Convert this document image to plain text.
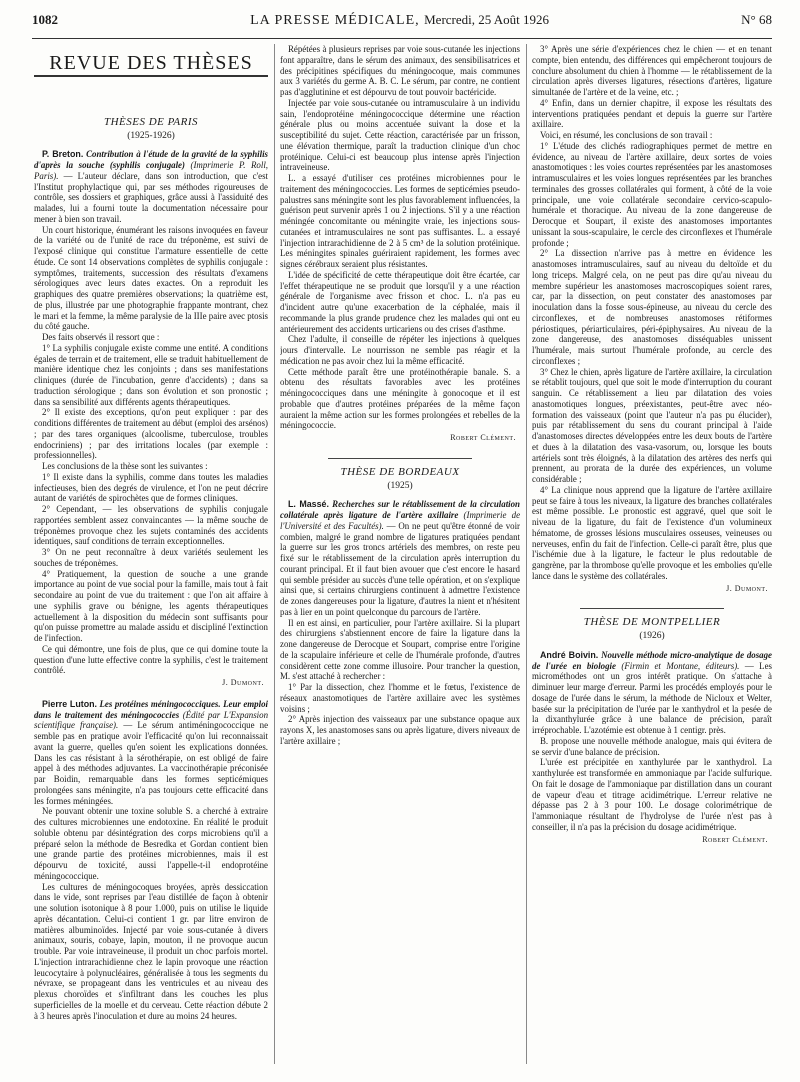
1082	LA PRESSE MÉDICALE, Mercredi, 25 Août 1926	N° 68
REVUE DES THÈSES
THÈSES DE PARIS
(1925-1926)

P. Breton. Contribution à l'étude de la gravité de la syphilis d'après la souche (syphilis conjugale) (Imprimerie P. Roll, Paris). — L'auteur déclare, dans son introduction, que c'est l'Institut prophylactique qui, par ses méthodes rigoureuses de contrôle, ses dossiers et graphiques, grâce aussi à l'assiduité des malades, lui a fourni toute la documentation nécessaire pour mener à bien son travail.

Un court historique, énumérant les raisons invoquées en faveur de la variété ou de l'unité de race du tréponème, est suivi de l'exposé clinique qui constitue l'armature essentielle de cette étude. Ce sont 14 observations complètes de syphilis conjugale : symptômes, traitements, succession des résultats d'examens sérologiques avec leurs dates exactes. On a reproduit les graphiques des quatre premières observations; la quatrième est, de plus, illustrée par une photographie frappante montrant, chez le mari et la femme, la même paralysie de la IIIe paire avec ptosis du côté gauche.

Des faits observés il ressort que :

1° La syphilis conjugale existe comme une entité. A conditions égales de terrain et de traitement, elle se traduit habituellement de manière identique chez les conjoints ; dans ses manifestations cliniques (durée de l'incubation, genre d'accidents) ; dans sa traduction sérologique ; dans son évolution et son pronostic ; dans sa sensibilité aux différents agents thérapeutiques.

2° Il existe des exceptions, qu'on peut expliquer : par des conditions différentes de traitement au début (emploi des arsénos) ; par des tares organiques (alcoolisme, tuberculose, troubles endocriniens) ; par des irritations locales (par exemple : professionnelles).

Les conclusions de la thèse sont les suivantes :

1° Il existe dans la syphilis, comme dans toutes les maladies infectieuses, bien des degrés de virulence, et l'on ne peut décrire autant de variétés de spirochètes que de formes cliniques.

2° Cependant, — les observations de syphilis conjugale rapportées semblent assez convaincantes — la même souche de tréponèmes provoque chez les sujets contaminés des accidents identiques, sauf conditions de terrain exceptionnelles.

3° On ne peut reconnaître à deux variétés seulement les souches de tréponèmes.

4° Pratiquement, la question de souche a une grande importance au point de vue social pour la famille, mais tout à fait secondaire au point de vue du traitement : que l'on ait affaire à une syphilis grave ou bénigne, les agents thérapeutiques actuellement à la disposition du médecin sont suffisants pour qu'on puisse promettre au malade assidu et discipliné l'extinction de l'infection.

Ce qui démontre, une fois de plus, que ce qui domine toute la question d'une lutte effective contre la syphilis, c'est le traitement contrôlé.

J. Dumont.

Pierre Luton. Les protéines méningococciques. Leur emploi dans le traitement des méningococcies (Édité par L'Expansion scientifique française). — Le sérum antiméningococcique ne semble pas en pratique avoir l'efficacité qu'on lui reconnaissait avant la guerre, quelles qu'en soient les explications données. Dans les cas résistant à la sérothérapie, on est obligé de faire appel à des méthodes adjuvantes. La vaccinothérapie préconisée par Boidin, remarquable dans les formes septicémiques prolongées sans méningite, n'a pas toujours cette efficacité dans les formes méningées.

Ne pouvant obtenir une toxine soluble S. a cherché à extraire des cultures microbiennes une endotoxine. En réalité le produit soluble obtenu par désintégration des corps microbiens qu'il a préparé selon la méthode de Besredka et Gordan contient bien une grande partie des protéines microbiennes, mais il est dépourvu de toxicité, aussi l'appelle-t-il endoprotéine méningococcique.

Les cultures de méningocoques broyées, après dessiccation dans le vide, sont reprises par l'eau distillée de façon à obtenir une solution isotonique à 8 pour 1.000, puis on utilise le liquide après décantation. Celui-ci contient 1 gr. par litre environ de matières albuminoïdes. Injecté par voie sous-cutanée à divers animaux, souris, cobaye, lapin, mouton, il ne provoque aucun trouble. Par voie intraveineuse, il produit un choc parfois mortel. L'injection intrarachidienne chez le lapin provoque une réaction leucocytaire à polynucléaires, généralisée à tous les segments du névraxe, se propageant dans les ventricules et au niveau des plexus choroïdes et s'infiltrant dans les couches les plus superficielles de la moelle et du cerveau. Cette réaction débute 2 à 3 heures après l'inoculation et dure au moins 24 heures.

Répétées à plusieurs reprises par voie sous-cutanée les injections font apparaître, dans le sérum des animaux, des sensibilisatrices et des précipitines spécifiques du méningocoque, mais communes aux 3 variétés du germe A. B. C. Le sérum, par contre, ne contient pas d'agglutinine et est dépourvu de tout pouvoir bactéricide.

Injectée par voie sous-cutanée ou intramusculaire à un individu sain, l'endoprotéine méningococcique détermine une réaction générale plus ou moins accentuée suivant la dose et la susceptibilité du sujet. Cette réaction, caractérisée par un frisson, une élévation thermique, paraît la traduction clinique d'un choc protéinique. Celui-ci est beaucoup plus intense après l'injection intraveineuse.

L. a essayé d'utiliser ces protéines microbiennes pour le traitement des méningococcies. Les formes de septicémies pseudo-palustres sans méningite sont les plus favorablement influencées, la guérison peut survenir après 1 ou 2 injections. S'il y a une réaction méningée concomitante ou méningite vraie, les injections sous-cutanées et intramusculaires ne sont pas suffisantes. L. a essayé l'injection intrarachidienne de 2 à 5 cm³ de la solution protéinique. Les méningites spinales guériraient rapidement, les formes avec signes cérébraux seraient plus résistantes.

L'idée de spécificité de cette thérapeutique doit être écartée, car l'effet thérapeutique ne se produit que lorsqu'il y a une réaction générale de l'organisme avec frisson et choc. L. n'a pas eu d'incident autre qu'une exacerbation de la céphalée, mais il recommande la plus grande prudence chez les malades qui ont eu antérieurement des accidents urticariens ou des crises d'asthme.

Chez l'adulte, il conseille de répéter les injections à quelques jours d'intervalle. Le nourrisson ne semble pas réagir et la médication ne pas avoir chez lui la même efficacité.

Cette méthode paraît être une protéinothérapie banale. S. a obtenu des résultats favorables avec les protéines méningococciques dans une méningite à gonocoque et il est probable que d'autres protéines préparées de la même façon auraient la même action sur les formes prolongées et rebelles de la méningococcie.

Robert Clément.
THÈSE DE BORDEAUX
(1925)

L. Massé. Recherches sur le rétablissement de la circulation collatérale après ligature de l'artère axillaire (Imprimerie de l'Université et des Facultés). — On ne peut qu'être étonné de voir combien, malgré le grand nombre de ligatures pratiquées pendant la guerre sur les gros troncs artériels des membres, on reste peu fixé sur le rétablissement de la circulation après interruption du courant principal. Et il faut bien avouer que c'est encore le hasard qui semble présider au succès d'une telle opération, et on s'explique ainsi que, si certains chirurgiens continuent à admettre l'existence de zones dangereuses pour la ligature, d'autres la nient et n'hésitent pas à lier en un point quelconque du parcours de l'artère.

Il en est ainsi, en particulier, pour l'artère axillaire. Si la plupart des chirurgiens s'abstiennent encore de faire la ligature dans la zone dangereuse de Derocque et Soupart, comprise entre l'origine de la scapulaire inférieure et celle de l'humérale profonde, d'autres considèrent cette zone comme illusoire. Pour trancher la question, M. s'est attaché à rechercher :

1° Par la dissection, chez l'homme et le fœtus, l'existence de réseaux anastomotiques de l'artère axillaire avec les systèmes voisins ;

2° Après injection des vaisseaux par une substance opaque aux rayons X, les anastomoses sans ou après ligature, divers niveaux de l'artère axillaire ;

3° Après une série d'expériences chez le chien — et en tenant compte, bien entendu, des différences qui empêcheront toujours de conclure absolument du chien à l'homme — le rétablissement de la circulation après diverses ligatures, résections d'artères, ligature simultanée de l'artère et de la veine, etc. ;

4° Enfin, dans un dernier chapitre, il expose les résultats des interventions pratiquées pendant et depuis la guerre sur l'artère axillaire.

Voici, en résumé, les conclusions de son travail :

1° L'étude des clichés radiographiques permet de mettre en évidence, au niveau de l'artère axillaire, deux sortes de voies anastomotiques : les voies courtes représentées par les anastomoses intramusculaires et les voies longues représentées par les branches terminales des grosses collatérales qui forment, à côté de la voie principale, une voie collatérale secondaire cervico-scapulo-humérale et thoracique. Au niveau de la zone dangereuse de Derocque et Soupart, il existe des anastomoses importantes unissant la sous-scapulaire, le cercle des circonflexes et l'humérale profonde ;

2° La dissection n'arrive pas à mettre en évidence les anastomoses intramusculaires, sauf au niveau du deltoïde et du long triceps. Malgré cela, on ne peut pas dire qu'au niveau du membre supérieur les anastomoses macroscopiques soient rares, car, par la dissection, on peut constater des anastomoses par inoculation dans la fosse sous-épineuse, au niveau du cercle des circonflexes, et de nombreuses anastomoses rétiformes périostiques, périarticulaires, péri-épiphysaires. Au niveau de la zone dangereuse, des anastomoses disséquables unissent l'humérale, mais surtout l'humérale profonde, au cercle des circonflexes ;

3° Chez le chien, après ligature de l'artère axillaire, la circulation se rétablit toujours, quel que soit le mode d'interruption du courant sanguin. Ce rétablissement a lieu par dilatation des voies anastomotiques longues, préexistantes, peut-être avec néo-formation des vaisseaux (point que l'auteur n'a pas pu élucider), puis par rétablissement du sens du courant principal à l'aide d'anastomoses directes développées entre les deux bouts de l'artère et dues à la dilatation des vasa-vasorum, ou, lorsque les bouts artériels sont très éloignés, à la dilatation des artères des nerfs qui prennent, au prorata de la durée des expériences, un volume considérable ;

4° La clinique nous apprend que la ligature de l'artère axillaire peut se faire à tous les niveaux, la ligature des branches collatérales est même possible. Le pronostic est aggravé, quel que soit le niveau de la ligature, du fait de l'existence d'un volumineux hématome, de grosses lésions musculaires osseuses, veineuses ou nerveuses, enfin du fait de l'infection. Celle-ci paraît être, plus que l'ischémie due à la ligature, le facteur le plus redoutable de gangrène, par la thrombose qu'elle provoque et les embolies qu'elle lance dans le système des collatérales.

J. Dumont.
THÈSE DE MONTPELLIER
(1926)

André Boivin. Nouvelle méthode micro-analytique de dosage de l'urée en biologie (Firmin et Montane, éditeurs). — Les microméthodes ont un gros intérêt pratique. On s'attache à diminuer leur marge d'erreur. Parmi les procédés employés pour le dosage de l'urée dans le sérum, la méthode de Nicloux et Welter, basée sur la précipitation de l'urée par le xanthydrol et la pesée de la dixanthylurée grâce à une balance de précision, paraît irréprochable. L'azotémie est obtenue à 1 centigr. près.

B. propose une nouvelle méthode analogue, mais qui évitera de se servir d'une balance de précision.

L'urée est précipitée en xanthylurée par le xanthydrol. La xanthylurée est transformée en ammoniaque par l'acide sulfurique. On fait le dosage de l'ammoniaque par distillation dans un courant de vapeur d'eau et titrage acidimétrique. L'erreur relative ne dépasse pas 2 à 3 pour 100. Le dosage colorimétrique de l'ammoniaque résultant de l'hydrolyse de l'urée n'est pas à conseiller, il n'a pas la précision du dosage acidimétrique.

Robert Clément.
